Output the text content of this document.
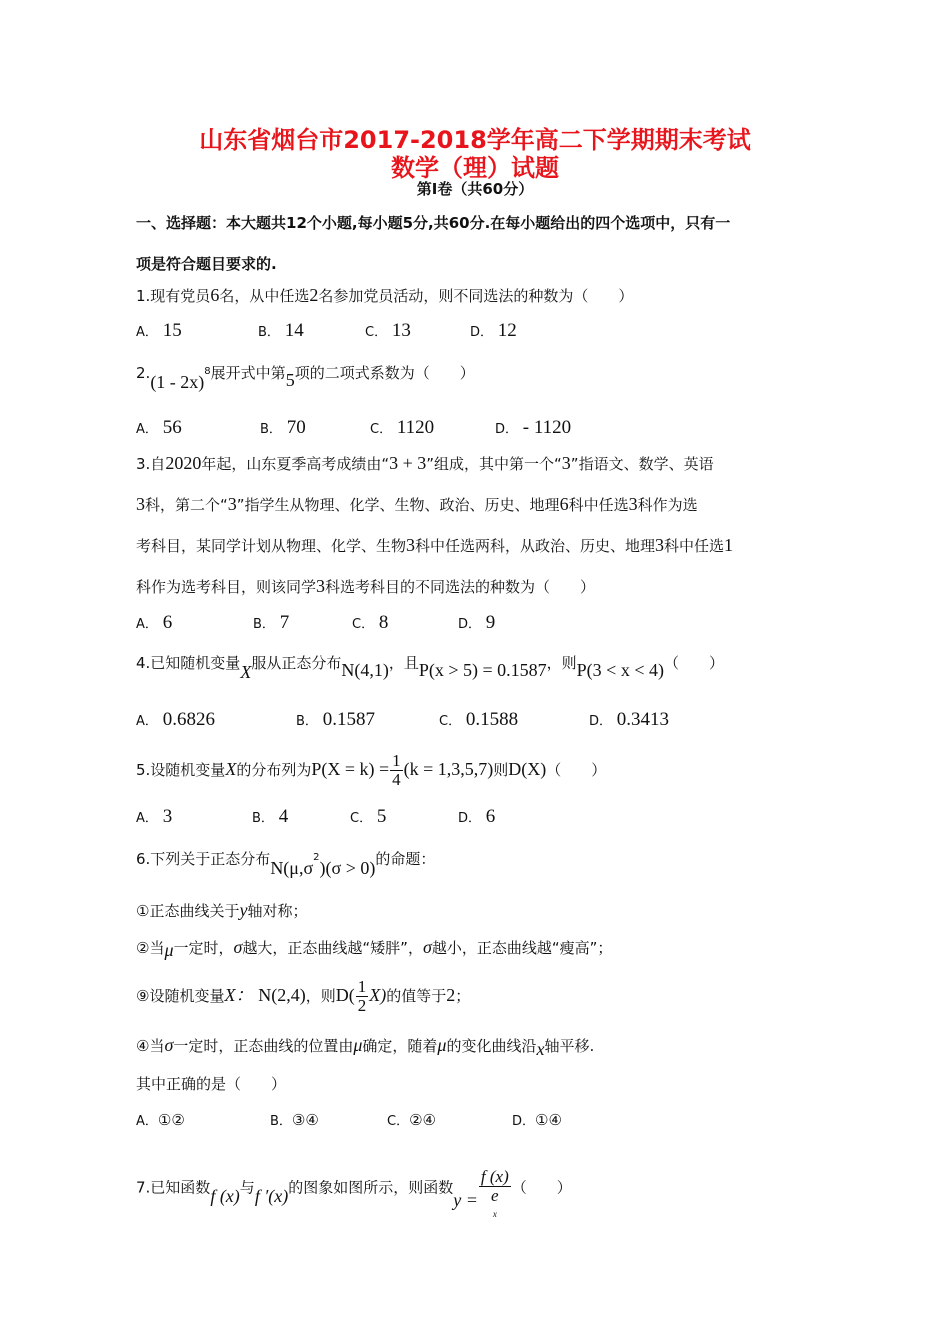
山东省烟台市2017-2018学年高二下学期期末考试
数学（理）试题
第Ⅰ卷（共60分）
一、选择题：本大题共12个小题,每小题5分,共60分.在每小题给出的四个选项中，只有一
项是符合题目要求的.
1.现有党员6名，从中任选2名参加党员活动，则不同选法的种数为（　　）
A． 15	B． 14	C． 13	D． 12
2.(1 - 2x)$^8$展开式中第5项的二项式系数为（　　）
A． 56	B． 70	C． 1120	D． - 1120
3.自2020年起，山东夏季高考成绩由“3 + 3”组成，其中第一个“3”指语文、数学、英语
3科，第二个“3”指学生从物理、化学、生物、政治、历史、地理6科中任选3科作为选
考科目，某同学计划从物理、化学、生物3科中任选两科，从政治、历史、地理3科中任选1
科作为选考科目，则该同学3科选考科目的不同选法的种数为（　　）
A． 6	B． 7	C． 8	D． 9
4.已知随机变量X服从正态分布N(4,1)，且P(x > 5) = 0.1587，则P(3 < x < 4)（　　）
A． 0.6826	B． 0.1587	C． 0.1588	D． 0.3413
5.设随机变量X的分布列为$P(X = k) = \frac{1}{4} (k = 1,3,5,7)$则D(X)（　　）
A． 3	B． 4	C． 5	D． 6
6.下列关于正态分布$N(\mu,\sigma^2)(\sigma > 0)$的命题：
①正态曲线关于y轴对称；
②当μ一定时，σ越大，正态曲线越“矮胖”，σ越小，正态曲线越“瘦高”；
⑨设随机变量X： N(2,4)，则$D( \frac{1}{2} X)$的值等于2；
④当σ一定时，正态曲线的位置由μ确定，随着μ的变化曲线沿x轴平移.
其中正确的是（　　）
A．①②	B．③④	C．②④	D．①④
7.已知函数f (x)与f ′(x)的图象如图所示，则函数y = f (x)
e
$^x$ （　　）
